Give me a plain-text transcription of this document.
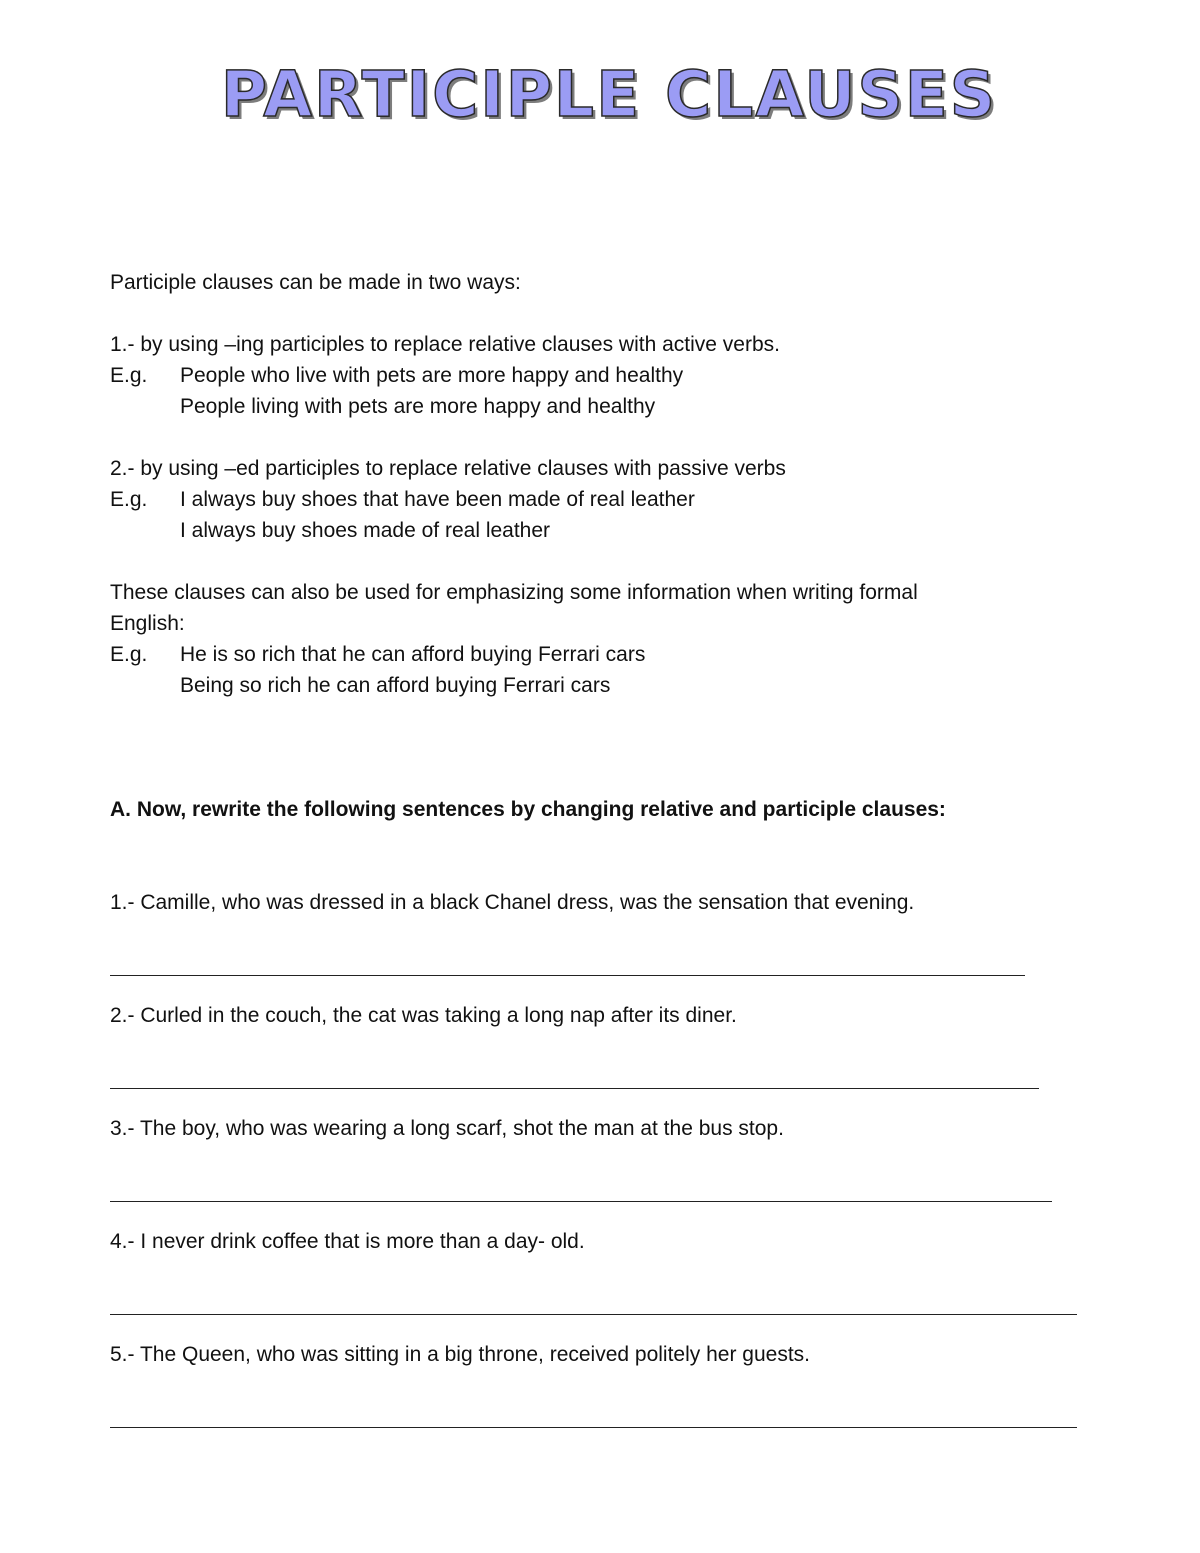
PARTICIPLE CLAUSES
Participle clauses can be made in two ways:
1.- by using –ing participles to replace relative clauses with active verbs.
E.g. People who live with pets are more happy and healthy
People living with pets are more happy and healthy
2.- by using –ed participles to replace relative clauses with passive verbs
E.g. I always buy shoes that have been made of real leather
I always buy shoes made of real leather
These clauses can also be used for emphasizing some information when writing formal
English:
E.g. He is so rich that he can afford buying Ferrari cars
Being so rich he can afford buying Ferrari cars
A. Now, rewrite the following sentences by changing relative and participle clauses:
1.- Camille, who was dressed in a black Chanel dress, was the sensation that evening.
2.- Curled in the couch, the cat was taking a long nap after its diner.
3.- The boy, who was wearing a long scarf, shot the man at the bus stop.
4.- I never drink coffee that is more than a day- old.
5.- The Queen, who was sitting in a big throne, received politely her guests.
